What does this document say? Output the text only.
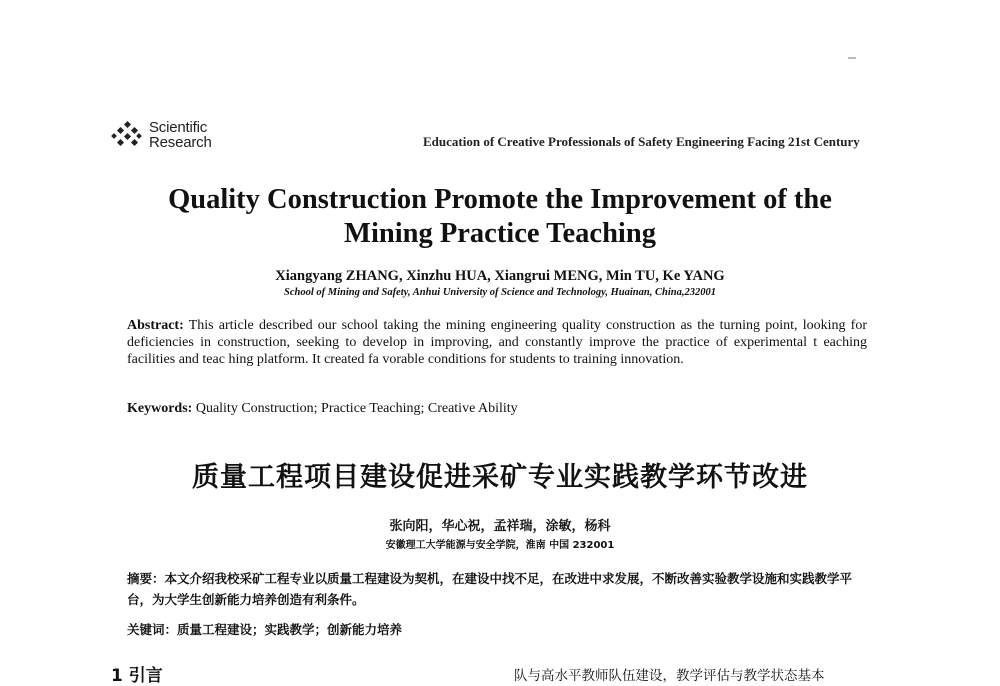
Scientific
Research	Education of Creative Professionals of Safety Engineering Facing 21st Century
Quality Construction Promote the Improvement of the
Mining Practice Teaching
Xiangyang ZHANG, Xinzhu HUA, Xiangrui MENG, Min TU, Ke YANG
School of Mining and Safety, Anhui University of Science and Technology, Huainan, China,232001
Abstract: This article described our school taking the mining engineering quality construction as the turning point, looking for deficiencies in construction, seeking to develop in improving, and constantly improve the practice of experimental t eaching facilities and teac hing platform. It created fa vorable conditions for students to training innovation.
Keywords: Quality Construction; Practice Teaching; Creative Ability
质量工程项目建设促进采矿专业实践教学环节改进
张向阳，华心祝，孟祥瑞，涂敏，杨科
安徽理工大学能源与安全学院，淮南 中国 232001
摘要：本文介绍我校采矿工程专业以质量工程建设为契机，在建设中找不足，在改进中求发展，不断改善实验教学设施和实践教学平台，为大学生创新能力培养创造有利条件。
关键词：质量工程建设；实践教学；创新能力培养
1 引言	队与高水平教师队伍建设，教学评估与教学状态基本
